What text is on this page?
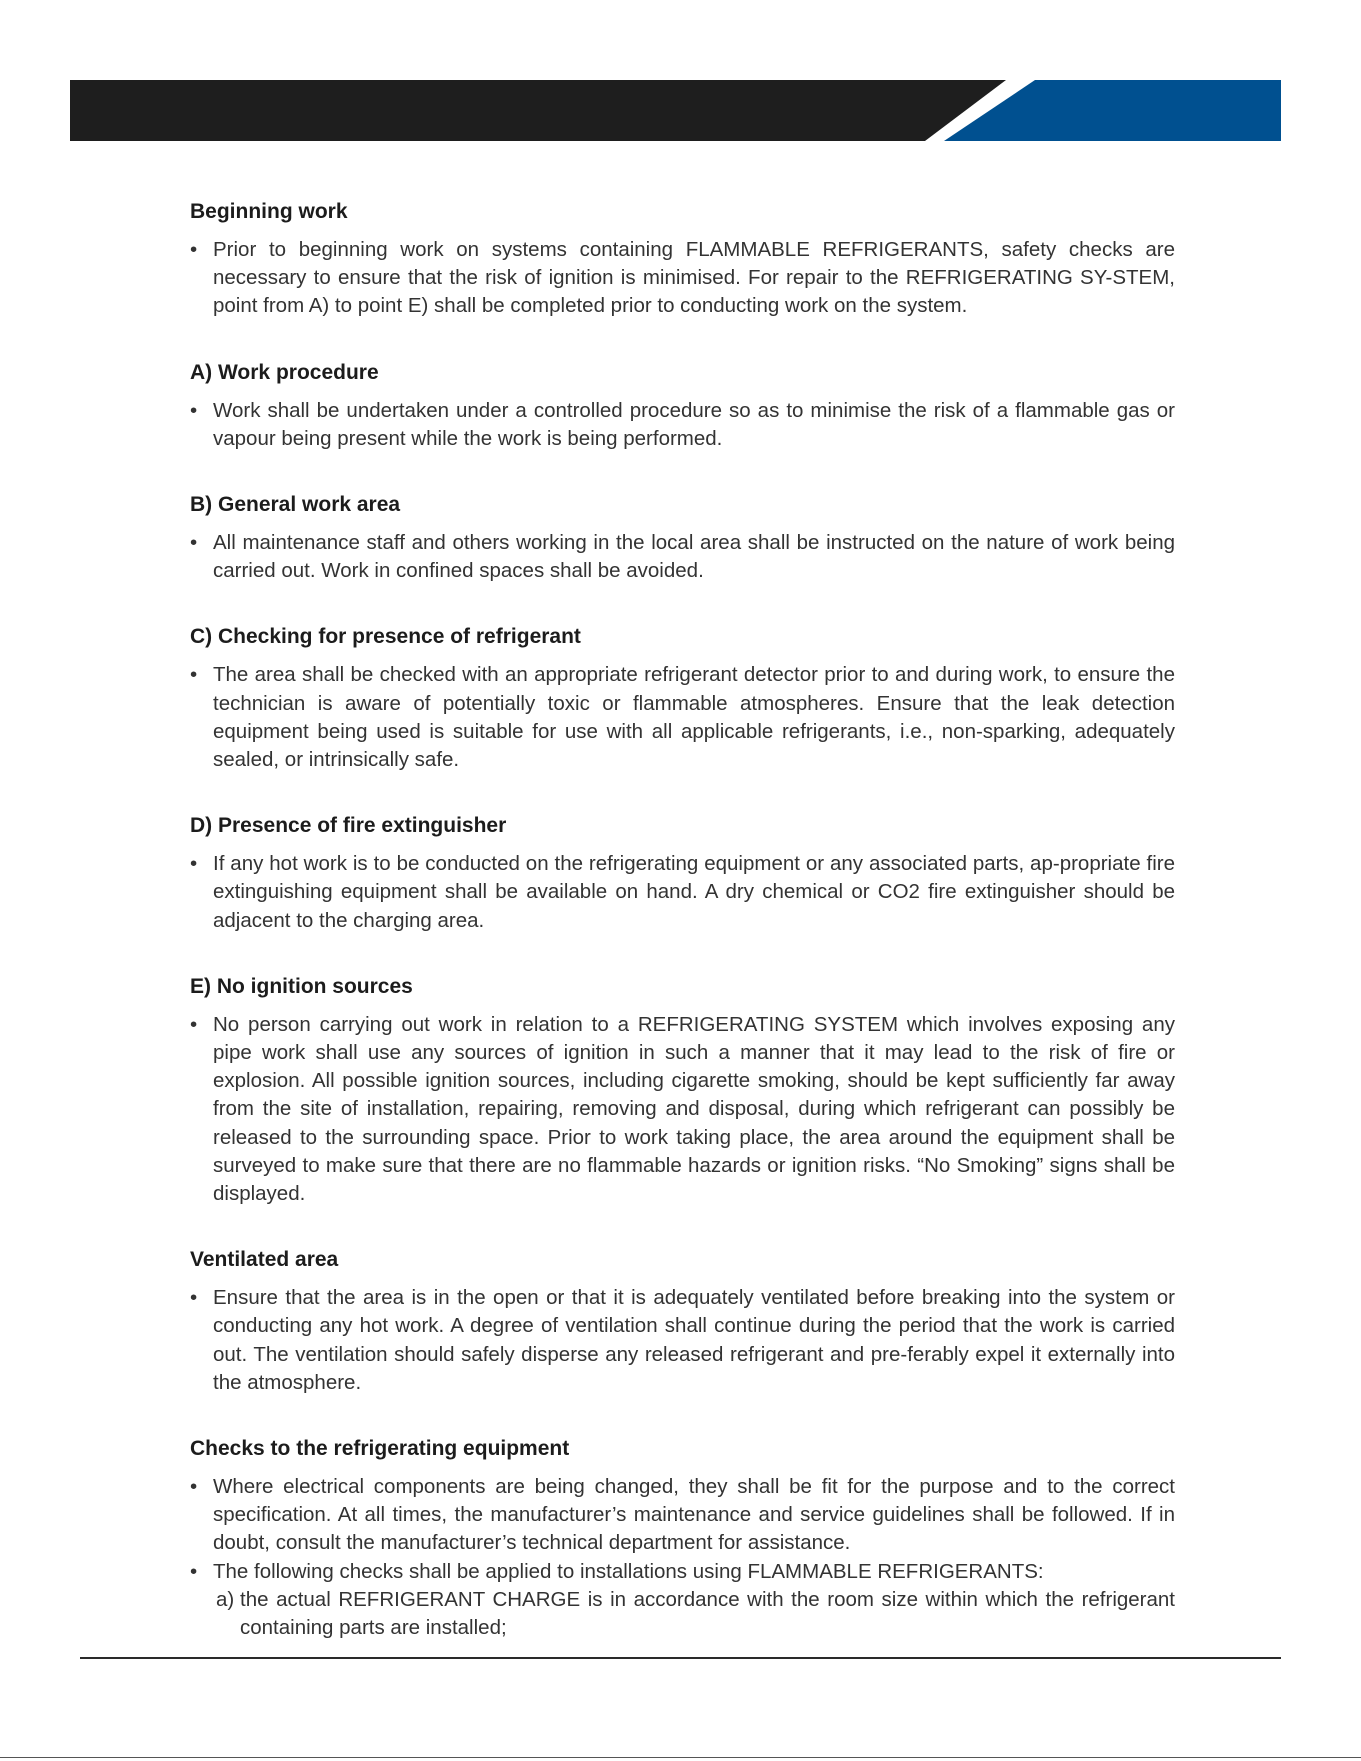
Beginning work

• Prior to beginning work on systems containing FLAMMABLE REFRIGERANTS, safety checks are necessary to ensure that the risk of ignition is minimised. For repair to the REFRIGERATING SY-STEM, point from A) to point E) shall be completed prior to conducting work on the system.

A) Work procedure

• Work shall be undertaken under a controlled procedure so as to minimise the risk of a flammable gas or vapour being present while the work is being performed.

B) General work area

• All maintenance staff and others working in the local area shall be instructed on the nature of work being carried out. Work in confined spaces shall be avoided.

C) Checking for presence of refrigerant

• The area shall be checked with an appropriate refrigerant detector prior to and during work, to ensure the technician is aware of potentially toxic or flammable atmospheres. Ensure that the leak detection equipment being used is suitable for use with all applicable refrigerants, i.e., non-sparking, adequately sealed, or intrinsically safe.

D) Presence of fire extinguisher

• If any hot work is to be conducted on the refrigerating equipment or any associated parts, ap-propriate fire extinguishing equipment shall be available on hand. A dry chemical or CO2 fire extinguisher should be adjacent to the charging area.

E) No ignition sources

• No person carrying out work in relation to a REFRIGERATING SYSTEM which involves exposing any pipe work shall use any sources of ignition in such a manner that it may lead to the risk of fire or explosion. All possible ignition sources, including cigarette smoking, should be kept sufficiently far away from the site of installation, repairing, removing and disposal, during which refrigerant can possibly be released to the surrounding space. Prior to work taking place, the area around the equipment shall be surveyed to make sure that there are no flammable hazards or ignition risks. “No Smoking” signs shall be displayed.

Ventilated area

• Ensure that the area is in the open or that it is adequately ventilated before breaking into the system or conducting any hot work. A degree of ventilation shall continue during the period that the work is carried out. The ventilation should safely disperse any released refrigerant and pre-ferably expel it externally into the atmosphere.

Checks to the refrigerating equipment

• Where electrical components are being changed, they shall be fit for the purpose and to the correct specification. At all times, the manufacturer’s maintenance and service guidelines shall be followed. If in doubt, consult the manufacturer’s technical department for assistance.

• The following checks shall be applied to installations using FLAMMABLE REFRIGERANTS:

a) the actual REFRIGERANT CHARGE is in accordance with the room size within which the refrigerant containing parts are installed;
